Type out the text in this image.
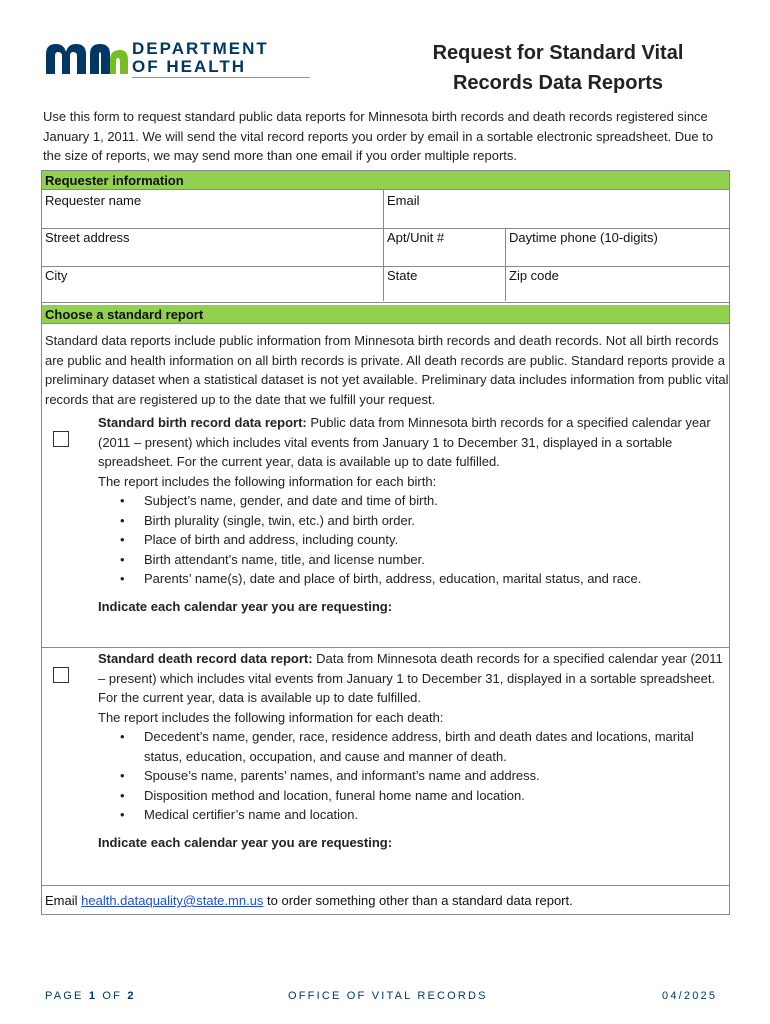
DEPARTMENT
OF HEALTH
Request for Standard Vital
Records Data Reports
Use this form to request standard public data reports for Minnesota birth records and death records registered since January 1, 2011. We will send the vital record reports you order by email in a sortable electronic spreadsheet. Due to the size of reports, we may send more than one email if you order multiple reports.
Requester information
Requester name	Email
Street address	Apt/Unit #	Daytime phone (10-digits)
City	State	Zip code
Choose a standard report
Standard data reports include public information from Minnesota birth records and death records. Not all birth records are public and health information on all birth records is private. All death records are public. Standard reports provide a preliminary dataset when a statistical dataset is not yet available. Preliminary data includes information from public vital records that are registered up to the date that we fulfill your request.
Standard birth record data report: Public data from Minnesota birth records for a specified calendar year (2011 – present) which includes vital events from January 1 to December 31, displayed in a sortable spreadsheet. For the current year, data is available up to date fulfilled.
The report includes the following information for each birth:
• Subject’s name, gender, and date and time of birth.
• Birth plurality (single, twin, etc.) and birth order.
• Place of birth and address, including county.
• Birth attendant’s name, title, and license number.
• Parents’ name(s), date and place of birth, address, education, marital status, and race.
Indicate each calendar year you are requesting:
Standard death record data report: Data from Minnesota death records for a specified calendar year (2011 – present) which includes vital events from January 1 to December 31, displayed in a sortable spreadsheet. For the current year, data is available up to date fulfilled.
The report includes the following information for each death:
• Decedent’s name, gender, race, residence address, birth and death dates and locations, marital status, education, occupation, and cause and manner of death.
• Spouse’s name, parents’ names, and informant’s name and address.
• Disposition method and location, funeral home name and location.
• Medical certifier’s name and location.
Indicate each calendar year you are requesting:
Email health.dataquality@state.mn.us to order something other than a standard data report.
PAGE 1 OF 2	OFFICE OF VITAL RECORDS	04/2025
